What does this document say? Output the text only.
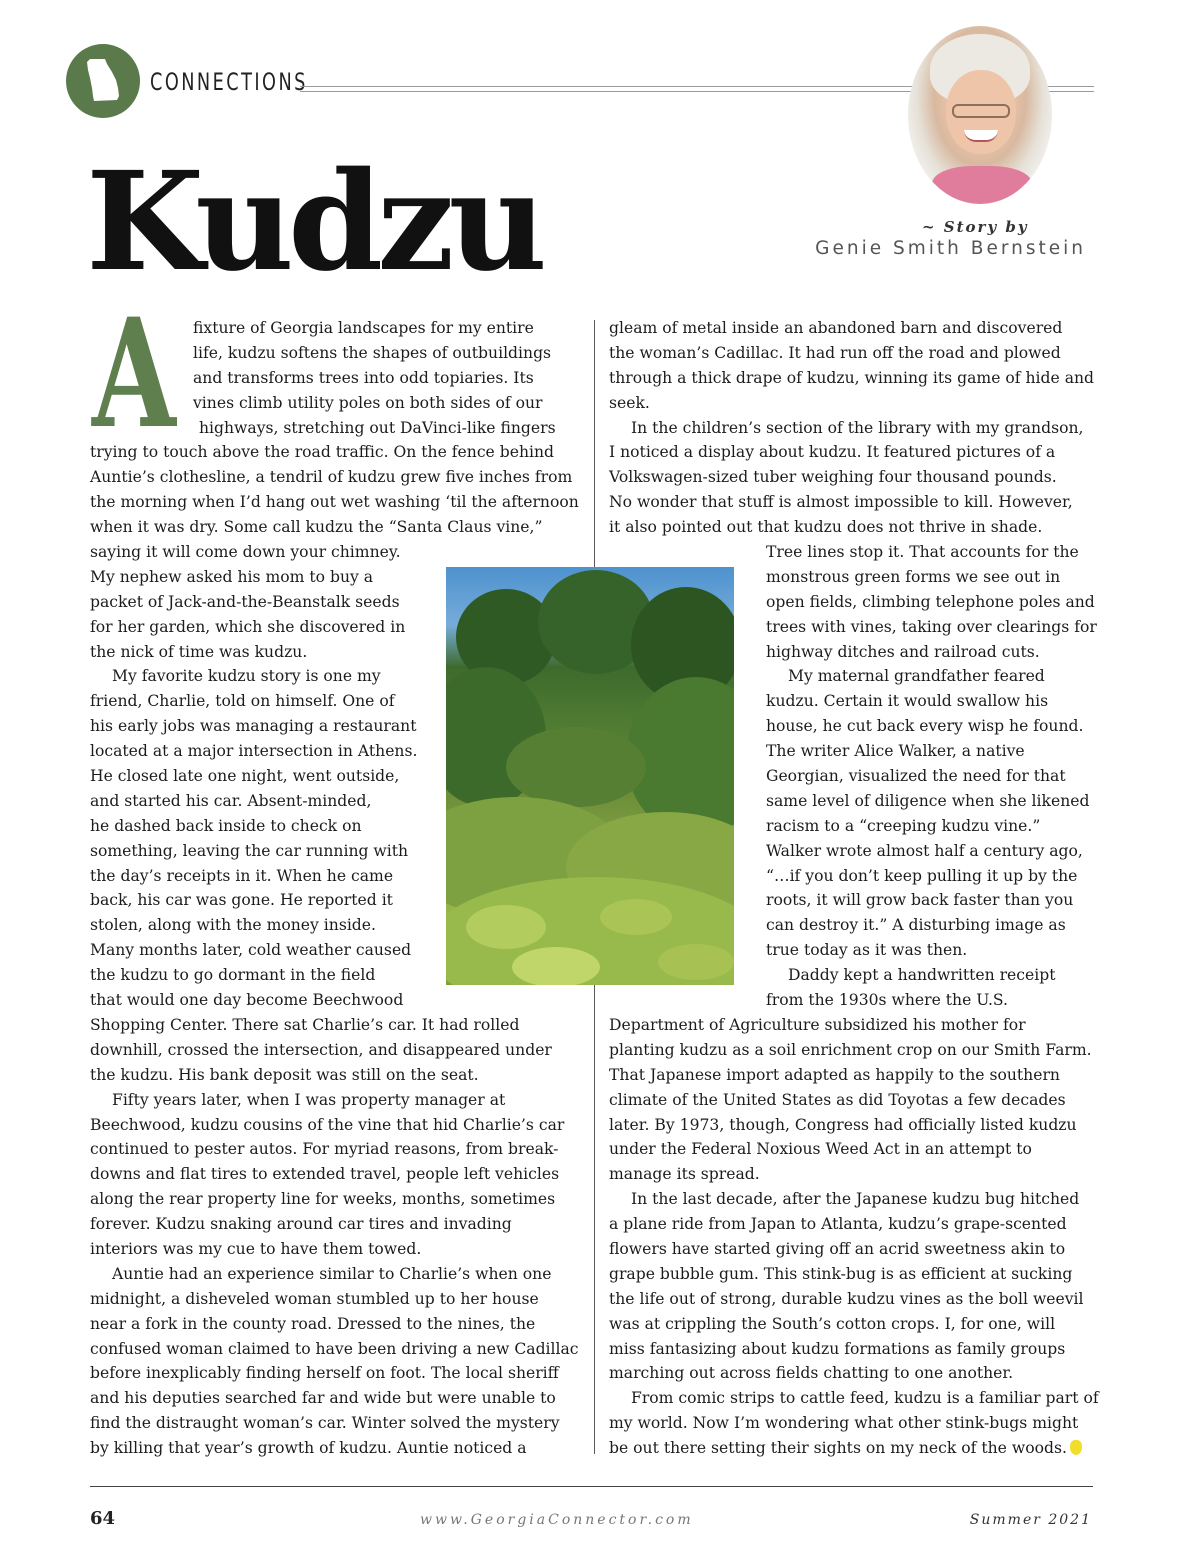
CONNECTIONS
~ Story by
Genie Smith Bernstein
Kudzu
A	fixture of Georgia landscapes for my entire
life, kudzu softens the shapes of outbuildings
and transforms trees into odd topiaries. Its
vines climb utility poles on both sides of our
highways, stretching out DaVinci-like fingers
trying to touch above the road traffic. On the fence behind
Auntie’s clothesline, a tendril of kudzu grew five inches from
the morning when I’d hang out wet washing ‘til the afternoon
when it was dry. Some call kudzu the “Santa Claus vine,”
saying it will come down your chimney.
My nephew asked his mom to buy a
packet of Jack-and-the-Beanstalk seeds
for her garden, which she discovered in
the nick of time was kudzu.
My favorite kudzu story is one my
friend, Charlie, told on himself. One of
his early jobs was managing a restaurant
located at a major intersection in Athens.
He closed late one night, went outside,
and started his car. Absent-minded,
he dashed back inside to check on
something, leaving the car running with
the day’s receipts in it. When he came
back, his car was gone. He reported it
stolen, along with the money inside.
Many months later, cold weather caused
the kudzu to go dormant in the field
that would one day become Beechwood
Shopping Center. There sat Charlie’s car. It had rolled
downhill, crossed the intersection, and disappeared under
the kudzu. His bank deposit was still on the seat.
Fifty years later, when I was property manager at
Beechwood, kudzu cousins of the vine that hid Charlie’s car
continued to pester autos. For myriad reasons, from break-
downs and flat tires to extended travel, people left vehicles
along the rear property line for weeks, months, sometimes
forever. Kudzu snaking around car tires and invading
interiors was my cue to have them towed.
Auntie had an experience similar to Charlie’s when one
midnight, a disheveled woman stumbled up to her house
near a fork in the county road. Dressed to the nines, the
confused woman claimed to have been driving a new Cadillac
before inexplicably finding herself on foot. The local sheriff
and his deputies searched far and wide but were unable to
find the distraught woman’s car. Winter solved the mystery
by killing that year’s growth of kudzu. Auntie noticed a
gleam of metal inside an abandoned barn and discovered
the woman’s Cadillac. It had run off the road and plowed
through a thick drape of kudzu, winning its game of hide and
seek.
In the children’s section of the library with my grandson,
I noticed a display about kudzu. It featured pictures of a
Volkswagen-sized tuber weighing four thousand pounds.
No wonder that stuff is almost impossible to kill. However,
it also pointed out that kudzu does not thrive in shade.
Tree lines stop it. That accounts for the
monstrous green forms we see out in
open fields, climbing telephone poles and
trees with vines, taking over clearings for
highway ditches and railroad cuts.
My maternal grandfather feared
kudzu. Certain it would swallow his
house, he cut back every wisp he found.
The writer Alice Walker, a native
Georgian, visualized the need for that
same level of diligence when she likened
racism to a “creeping kudzu vine.”
Walker wrote almost half a century ago,
“…if you don’t keep pulling it up by the
roots, it will grow back faster than you
can destroy it.” A disturbing image as
true today as it was then.
Daddy kept a handwritten receipt
from the 1930s where the U.S.
Department of Agriculture subsidized his mother for
planting kudzu as a soil enrichment crop on our Smith Farm.
That Japanese import adapted as happily to the southern
climate of the United States as did Toyotas a few decades
later. By 1973, though, Congress had officially listed kudzu
under the Federal Noxious Weed Act in an attempt to
manage its spread.
In the last decade, after the Japanese kudzu bug hitched
a plane ride from Japan to Atlanta, kudzu’s grape-scented
flowers have started giving off an acrid sweetness akin to
grape bubble gum. This stink-bug is as efficient at sucking
the life out of strong, durable kudzu vines as the boll weevil
was at crippling the South’s cotton crops. I, for one, will
miss fantasizing about kudzu formations as family groups
marching out across fields chatting to one another.
From comic strips to cattle feed, kudzu is a familiar part of
my world. Now I’m wondering what other stink-bugs might
be out there setting their sights on my neck of the woods.
64	www.GeorgiaConnector.com	Summer 2021
